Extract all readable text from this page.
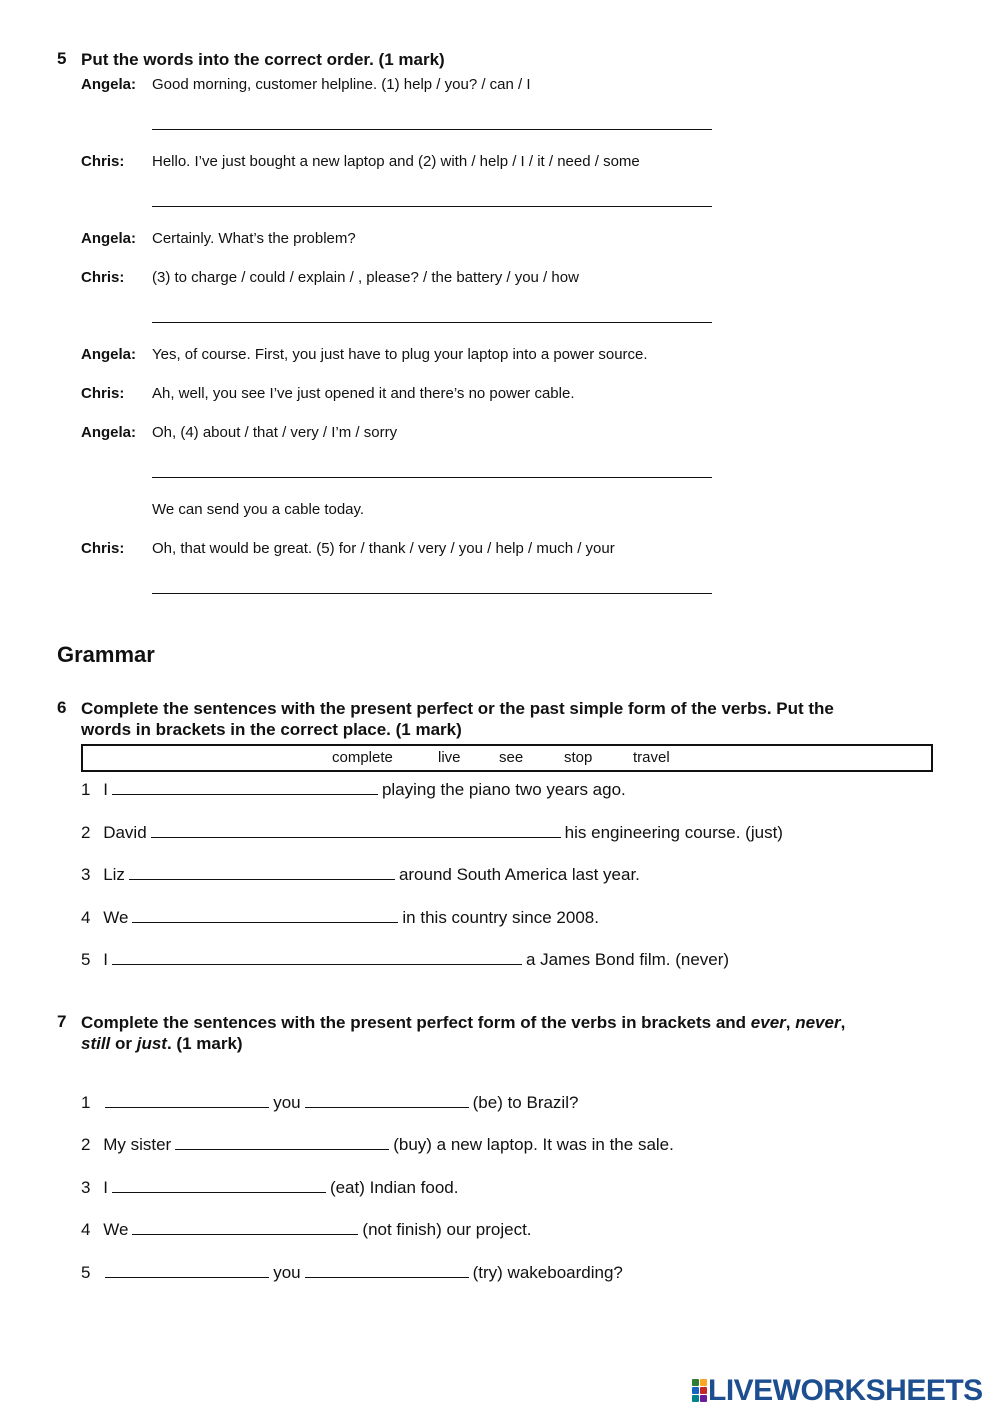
5 Put the words into the correct order. (1 mark)
Angela: Good morning, customer helpline. (1) help / you? / can / I
Chris: Hello. I’ve just bought a new laptop and (2) with / help / I / it / need / some
Angela: Certainly. What’s the problem?
Chris: (3) to charge / could / explain / , please? / the battery / you / how
Angela: Yes, of course. First, you just have to plug your laptop into a power source.
Chris: Ah, well, you see I’ve just opened it and there’s no power cable.
Angela: Oh, (4) about / that / very / I’m / sorry
We can send you a cable today.
Chris: Oh, that would be great. (5) for / thank / very / you / help / much / your
Grammar
6 Complete the sentences with the present perfect or the past simple form of the verbs. Put the
words in brackets in the correct place. (1 mark)
complete	live	see	stop	travel
1 I	playing the piano two years ago.
2 David	his engineering course. (just)
3 Liz	around South America last year.
4 We	in this country since 2008.
5 I	a James Bond film. (never)
7 Complete the sentences with the present perfect form of the verbs in brackets and ever, never,
still or just. (1 mark)
1	you	(be) to Brazil?
2 My sister	(buy) a new laptop. It was in the sale.
3 I	(eat) Indian food.
4 We	(not finish) our project.
5	you	(try) wakeboarding?
LIVEWORKSHEETS
